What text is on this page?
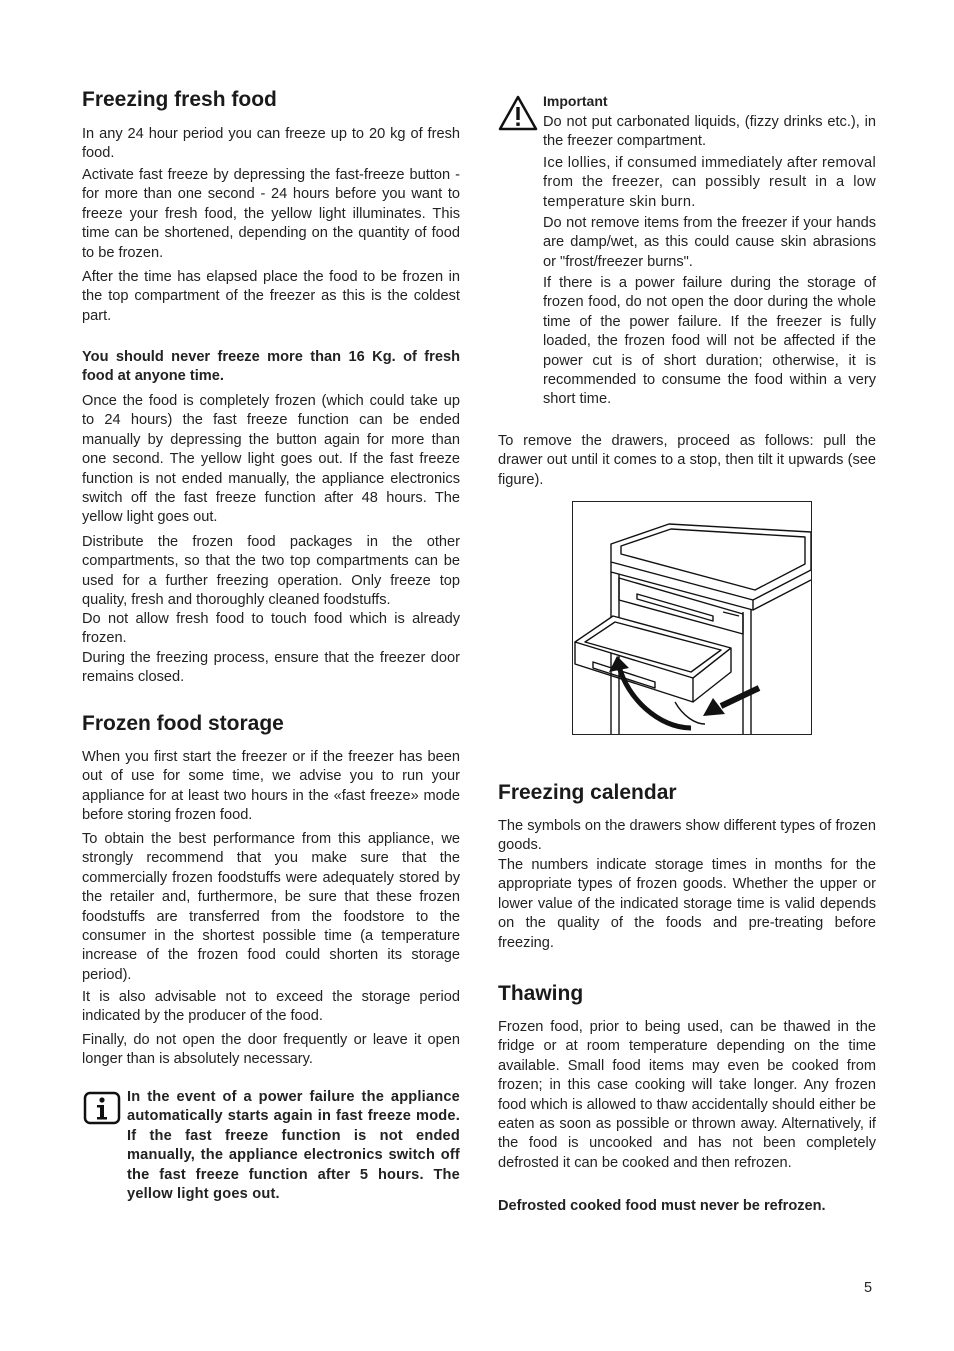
Freezing fresh food

In any 24 hour period you can freeze up to 20 kg of fresh food.

Activate fast freeze by depressing the fast-freeze button - for more than one second - 24 hours before you want to freeze your fresh food, the yellow light illuminates. This time can be shortened, depending on the quantity of food to be frozen.

After the time has elapsed place the food to be frozen in the top compartment of the freezer as this is the coldest part.

You should never freeze more than 16 Kg. of fresh food at anyone time.

Once the food is completely frozen (which could take up to 24 hours) the fast freeze function can be ended manually by depressing the button again for more than one second. The yellow light goes out. If the fast freeze function is not ended manually, the appliance electronics switch off the fast freeze function after 48 hours. The yellow light goes out.

Distribute the frozen food packages in the other compartments, so that the two top compartments can be used for a further freezing operation. Only freeze top quality, fresh and thoroughly cleaned foodstuffs.

Do not allow fresh food to touch food which is already frozen.

During the freezing process, ensure that the freezer door remains closed.

Frozen food storage

When you first start the freezer or if the freezer has been out of use for some time, we advise you to run your appliance for at least two hours in the «fast freeze» mode before storing frozen food.

To obtain the best performance from this appliance, we strongly recommend that you make sure that the commercially frozen foodstuffs were adequately stored by the retailer and, furthermore, be sure that these frozen foodstuffs are transferred from the foodstore to the consumer in the shortest possible time (a temperature increase of the frozen food could shorten its storage period).

It is also advisable not to exceed the storage period indicated by the producer of the food.

Finally, do not open the door frequently or leave it open longer than is absolutely necessary.

In the event of a power failure the appliance automatically starts again in fast freeze mode. If the fast freeze function is not ended manually, the appliance electronics switch off the fast freeze function after 5 hours. The yellow light goes out.

Important

Do not put carbonated liquids, (fizzy drinks etc.), in the freezer compartment.

Ice lollies, if consumed immediately after removal from the freezer, can possibly result in a low temperature skin burn.

Do not remove items from the freezer if your hands are damp/wet, as this could cause skin abrasions or "frost/freezer burns".

If there is a power failure during the storage of frozen food, do not open the door during the whole time of the power failure. If the freezer is fully loaded, the frozen food will not be affected if the power cut is of short duration; otherwise, it is recommended to consume the food within a very short time.

To remove the drawers, proceed as follows: pull the drawer out until it comes to a stop, then tilt it upwards (see figure).

Freezing calendar

The symbols on the drawers show different types of frozen goods.

The numbers indicate storage times in months for the appropriate types of frozen goods. Whether the upper or lower value of the indicated storage time is valid depends on the quality of the foods and pre-treating before freezing.

Thawing

Frozen food, prior to being used, can be thawed in the fridge or at room temperature depending on the time available. Small food items may even be cooked from frozen; in this case cooking will take longer. Any frozen food which is allowed to thaw accidentally should either be eaten as soon as possible or thrown away. Alternatively, if the food is uncooked and has not been completely defrosted it can be cooked and then refrozen.

Defrosted cooked food must never be refrozen.

5
